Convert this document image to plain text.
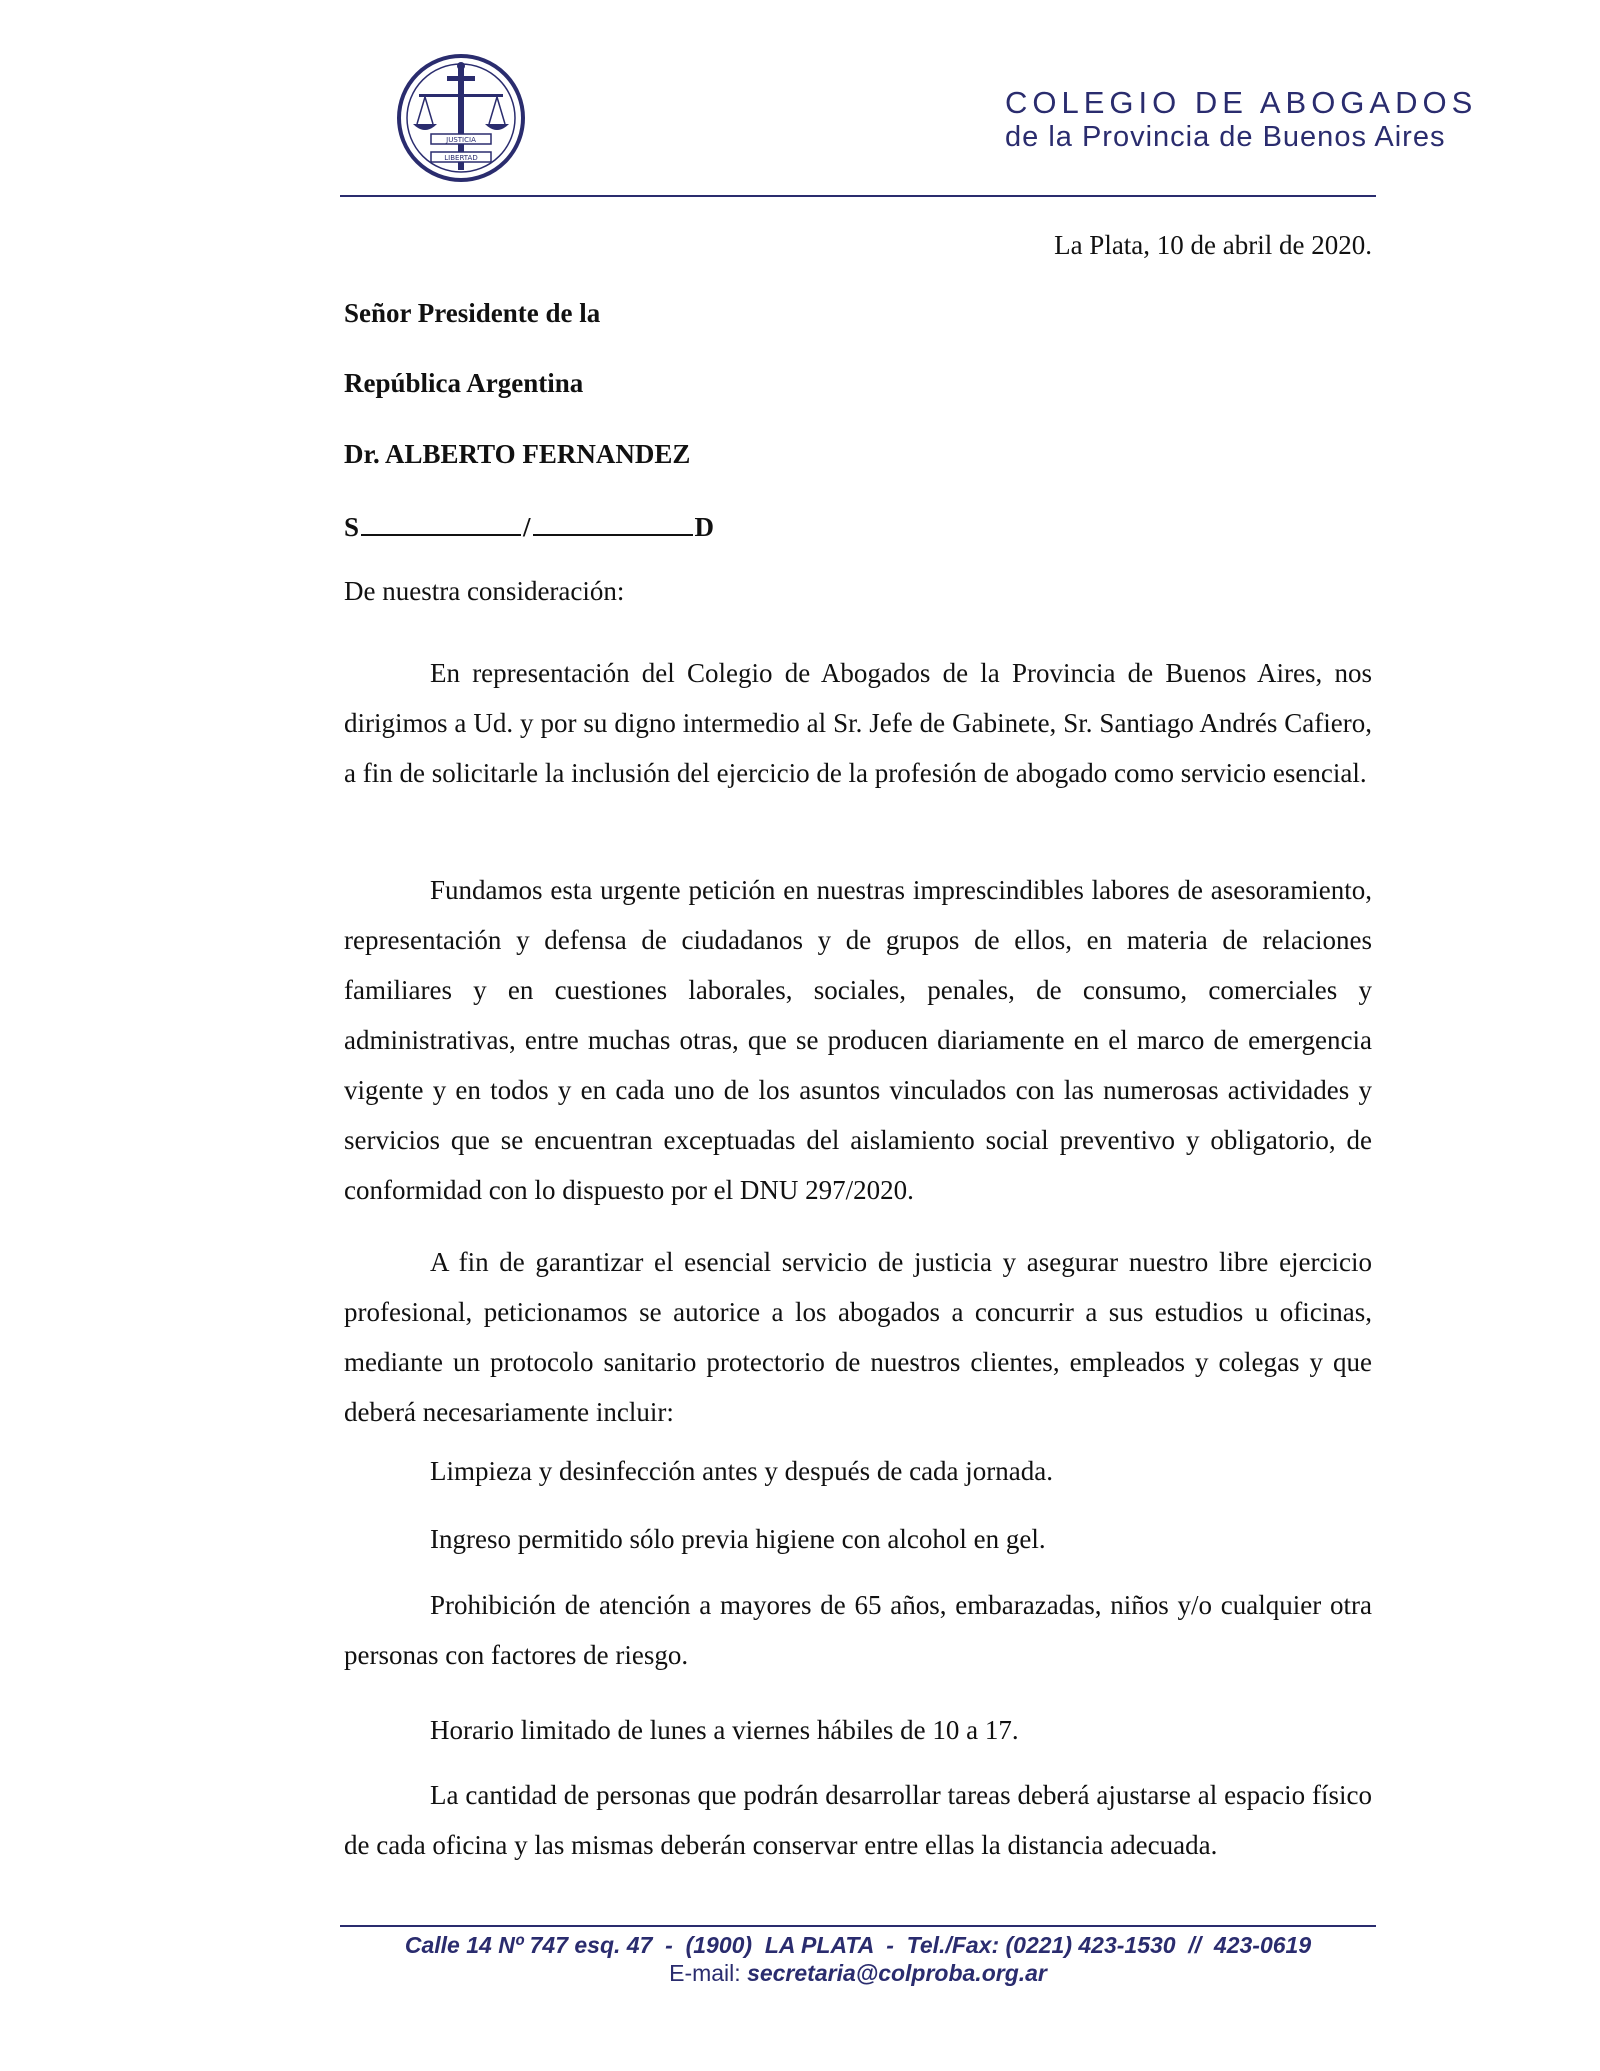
JUSTICIA
LIBERTAD
COLEGIO DE ABOGADOS
de la Provincia de Buenos Aires
La Plata, 10 de abril de 2020.
Señor Presidente de la
República Argentina
Dr. ALBERTO FERNANDEZ
S	/	D
De nuestra consideración:

En representación del Colegio de Abogados de la Provincia de Buenos Aires, nos dirigimos a Ud. y por su digno intermedio al Sr. Jefe de Gabinete, Sr. Santiago Andrés Cafiero, a fin de solicitarle la inclusión del ejercicio de la profesión de abogado como servicio esencial.

Fundamos esta urgente petición en nuestras imprescindibles labores de asesoramiento, representación y defensa de ciudadanos y de grupos de ellos, en materia de relaciones familiares y en cuestiones laborales, sociales, penales, de consumo, comerciales y administrativas, entre muchas otras, que se producen diariamente en el marco de emergencia vigente y en todos y en cada uno de los asuntos vinculados con las numerosas actividades y servicios que se encuentran exceptuadas del aislamiento social preventivo y obligatorio, de conformidad con lo dispuesto por el DNU 297/2020.

A fin de garantizar el esencial servicio de justicia y asegurar nuestro libre ejercicio profesional, peticionamos se autorice a los abogados a concurrir a sus estudios u oficinas, mediante un protocolo sanitario protectorio de nuestros clientes, empleados y colegas y que deberá necesariamente incluir:

Limpieza y desinfección antes y después de cada jornada.
Ingreso permitido sólo previa higiene con alcohol en gel.

Prohibición de atención a mayores de 65 años, embarazadas, niños y/o cualquier otra personas con factores de riesgo.

Horario limitado de lunes a viernes hábiles de 10 a 17.

La cantidad de personas que podrán desarrollar tareas deberá ajustarse al espacio físico de cada oficina y las mismas deberán conservar entre ellas la distancia adecuada.

Calle 14 Nº 747 esq. 47  -  (1900)  LA PLATA  -  Tel./Fax: (0221) 423-1530  //  423-0619
E-mail: secretaria@colproba.org.ar
